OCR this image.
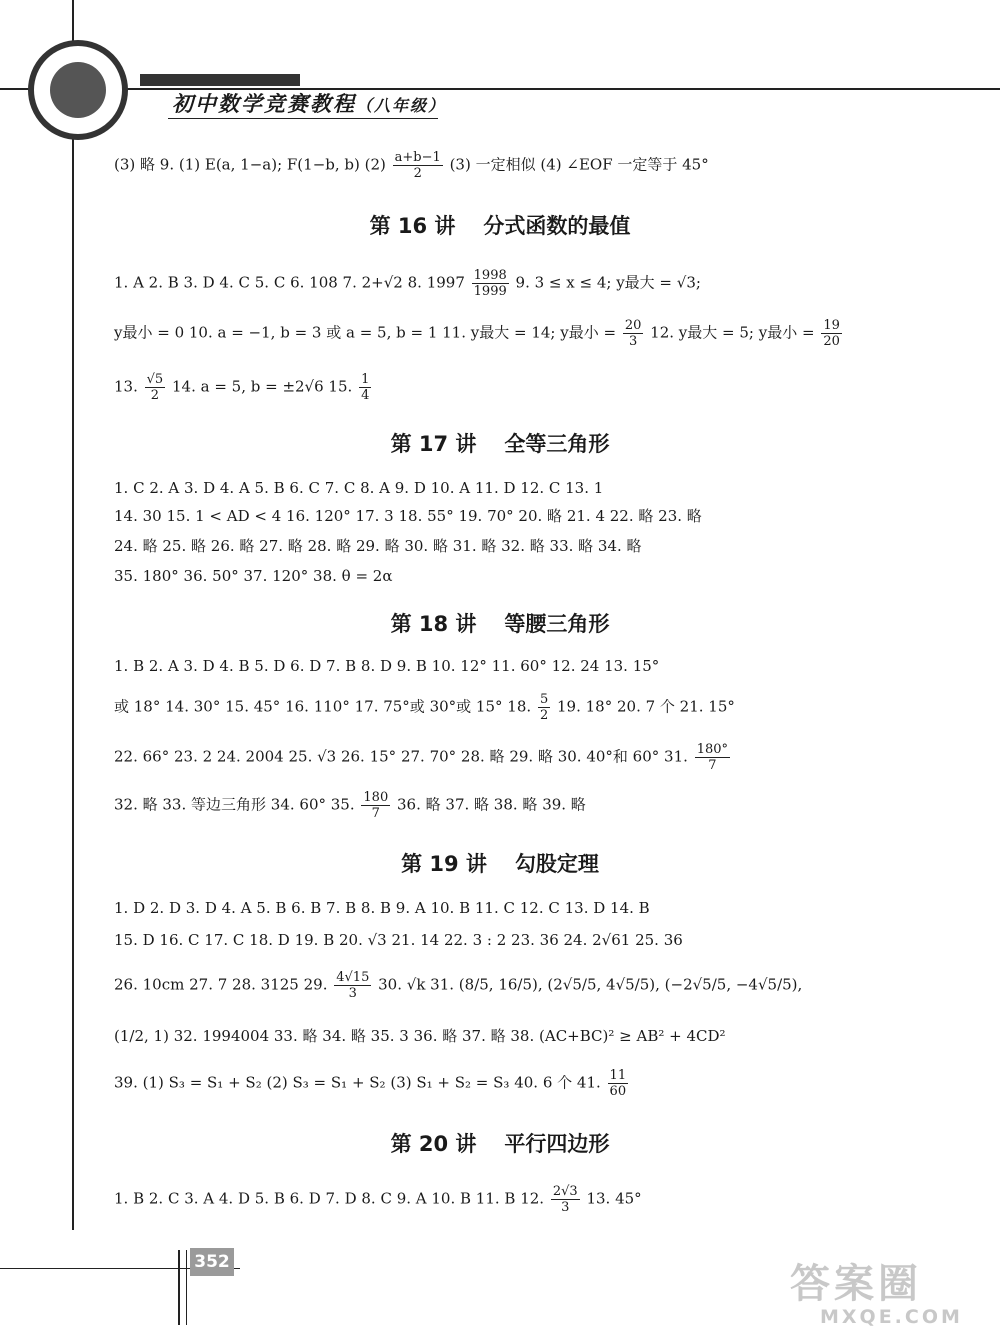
初中数学竞赛教程（八年级）
(3) 略 9. (1) E(a, 1−a); F(1−b, b) $(2) \frac{a+b-1}{2} (3)$ 一定相似 (4) ∠EOF 一定等于 45°
第 16 讲 分式函数的最值
1. A 2. B 3. D 4. C 5. C 6. 108 7. 2+√2 8. $1997 \frac{1998}{1999} 9$. 3 ≤ x ≤ 4; y最大 = √3;
y最小 = 0 10. a = −1, b = 3 或 a = 5, b = 1 11. y最大 = 14; y最小 = $\frac{20}{3} 12$. y最大 = 5; y最小 = $\frac{19}{20}$
13. $\frac{√5}{2} 14$. a = 5, b = ±2√6 15. $\frac{1}{4}$
第 17 讲 全等三角形
1. C 2. A 3. D 4. A 5. B 6. C 7. C 8. A 9. D 10. A 11. D 12. C 13. 1
14. 30 15. 1 < AD < 4 16. 120° 17. 3 18. 55° 19. 70° 20. 略 21. 4 22. 略 23. 略
24. 略 25. 略 26. 略 27. 略 28. 略 29. 略 30. 略 31. 略 32. 略 33. 略 34. 略
35. 180° 36. 50° 37. 120° 38. θ = 2α
第 18 讲 等腰三角形
1. B 2. A 3. D 4. B 5. D 6. D 7. B 8. D 9. B 10. 12° 11. 60° 12. 24 13. 15°
或 18° 14. 30° 15. 45° 16. 110° 17. 75°或 30°或 15° 18. $\frac{5}{2} 19$. 18° 20. 7 个 21. 15°
22. 66° 23. 2 24. 2004 25. √3 26. 15° 27. 70° 28. 略 29. 略 30. 40°和 60° 31. $\frac{180^\circ}{7}$
32. 略 33. 等边三角形 34. 60° 35. $\frac{180}{7} 36$. 略 37. 略 38. 略 39. 略
第 19 讲 勾股定理
1. D 2. D 3. D 4. A 5. B 6. B 7. B 8. B 9. A 10. B 11. C 12. C 13. D 14. B
15. D 16. C 17. C 18. D 19. B 20. √3 21. 14 22. 3 : 2 23. 36 24. 2√61 25. 36
26. 10cm 27. 7 28. 3125 29. $\frac{4√15}{3} 30$. √k 31. (8/5, 16/5), (2√5/5, 4√5/5), (−2√5/5, −4√5/5),
(1/2, 1) 32. 1994004 33. 略 34. 略 35. 3 36. 略 37. 略 38. (AC+BC)² ≥ AB² + 4CD²
39. (1) S₃ = S₁ + S₂ (2) S₃ = S₁ + S₂ (3) S₁ + S₂ = S₃ 40. 6 个 41. $\frac{11}{60}$
第 20 讲 平行四边形
1. B 2. C 3. A 4. D 5. B 6. D 7. D 8. C 9. A 10. B 11. B 12. $\frac{2√3}{3} 13$. 45°
352	答案圈
MXQE.COM
